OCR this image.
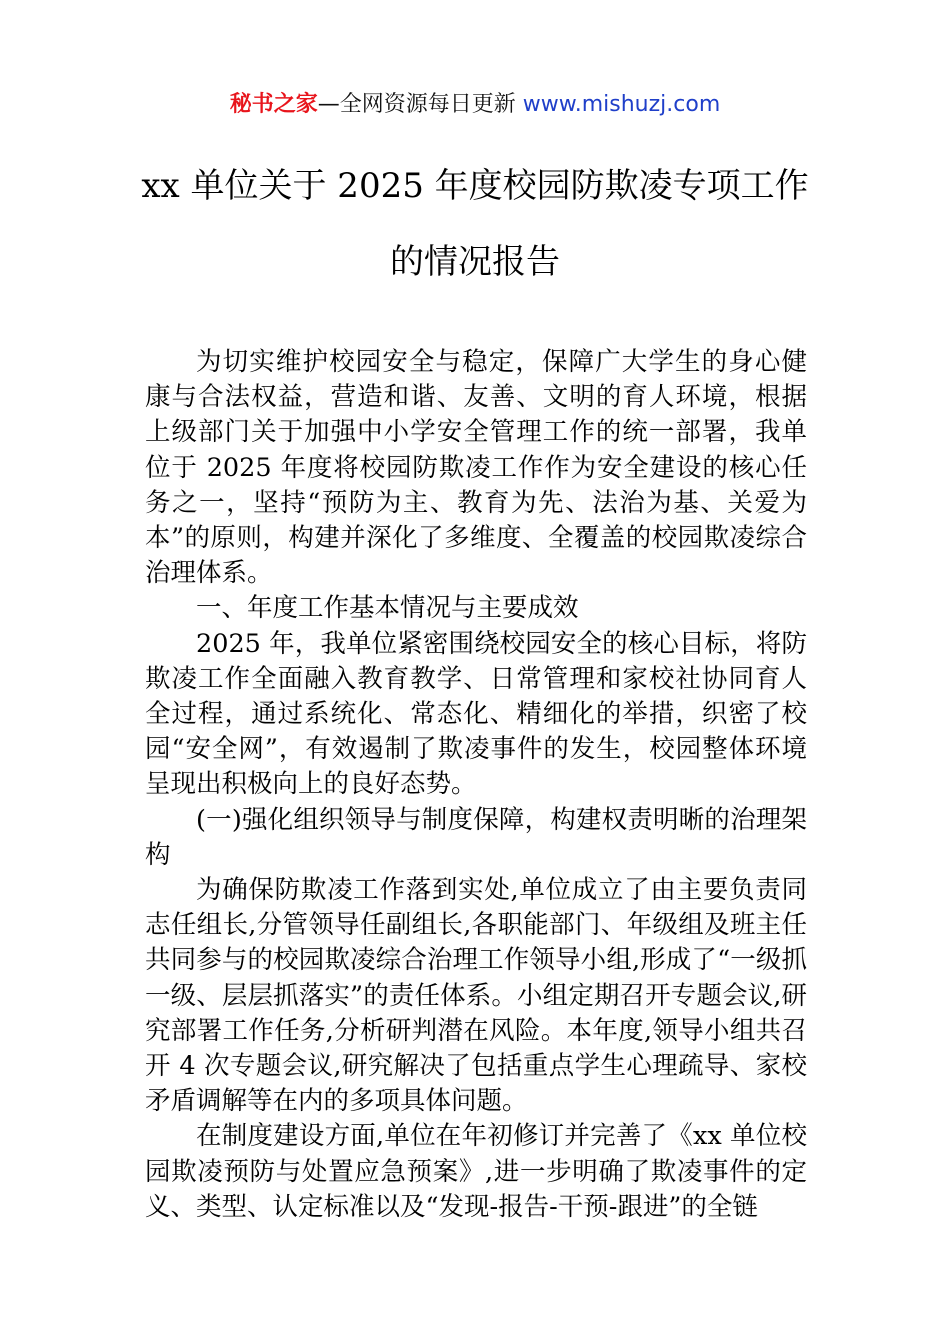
秘书之家—全网资源每日更新 www.mishuzj.com
xx 单位关于 2025 年度校园防欺凌专项工作
的情况报告

为切实维护校园安全与稳定，保障广大学生的身心健康与合法权益，营造和谐、友善、文明的育人环境，根据上级部门关于加强中小学安全管理工作的统一部署，我单位于 2025 年度将校园防欺凌工作作为安全建设的核心任务之一，坚持“预防为主、教育为先、法治为基、关爱为本”的原则，构建并深化了多维度、全覆盖的校园欺凌综合治理体系。

一、年度工作基本情况与主要成效

2025 年，我单位紧密围绕校园安全的核心目标，将防欺凌工作全面融入教育教学、日常管理和家校社协同育人全过程，通过系统化、常态化、精细化的举措，织密了校园“安全网”，有效遏制了欺凌事件的发生，校园整体环境呈现出积极向上的良好态势。

(一)强化组织领导与制度保障，构建权责明晰的治理架构

为确保防欺凌工作落到实处,单位成立了由主要负责同志任组长,分管领导任副组长,各职能部门、年级组及班主任共同参与的校园欺凌综合治理工作领导小组,形成了“一级抓一级、层层抓落实”的责任体系。小组定期召开专题会议,研究部署工作任务,分析研判潜在风险。本年度,领导小组共召开 4 次专题会议,研究解决了包括重点学生心理疏导、家校矛盾调解等在内的多项具体问题。

在制度建设方面,单位在年初修订并完善了《xx 单位校园欺凌预防与处置应急预案》,进一步明确了欺凌事件的定义、类型、认定标准以及“发现-报告-干预-跟进”的全链
